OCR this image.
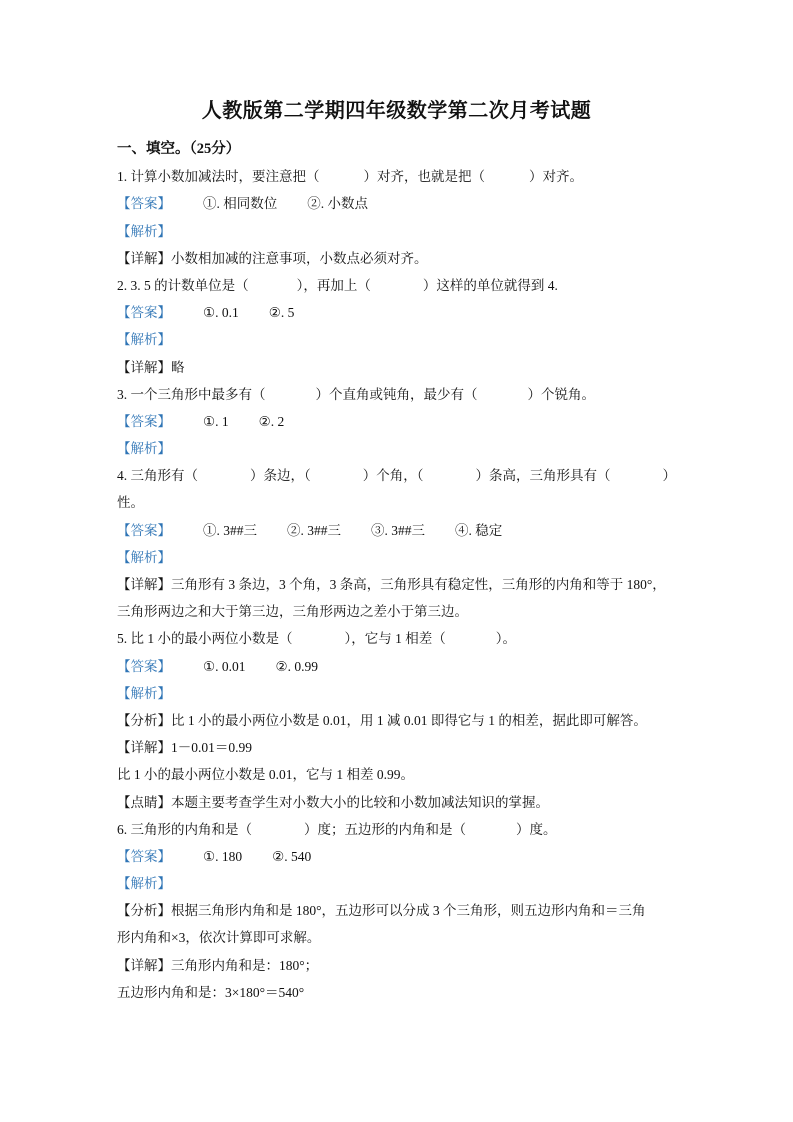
人教版第二学期四年级数学第二次月考试题
一、填空。（25分）
1. 计算小数加减法时，要注意把（	）对齐，也就是把（	）对齐。
【答案】 ①. 相同数位 ②. 小数点
【解析】
【详解】小数相加减的注意事项，小数点必须对齐。
2. 3. 5 的计数单位是（	），再加上（	）这样的单位就得到 4.
【答案】 ①. 0.1 ②. 5
【解析】
【详解】略
3. 一个三角形中最多有（	）个直角或钝角，最少有（	）个锐角。
【答案】 ①. 1 ②. 2
【解析】
4. 三角形有（	）条边，（	）个角，（	）条高，三角形具有（	）
性。
【答案】 ①. 3##三 ②. 3##三 ③. 3##三 ④. 稳定
【解析】
【详解】三角形有 3 条边，3 个角，3 条高，三角形具有稳定性，三角形的内角和等于 180°，
三角形两边之和大于第三边，三角形两边之差小于第三边。
5. 比 1 小的最小两位小数是（	），它与 1 相差（	）。
【答案】 ①. 0.01 ②. 0.99
【解析】
【分析】比 1 小的最小两位小数是 0.01，用 1 减 0.01 即得它与 1 的相差，据此即可解答。
【详解】1－0.01＝0.99
比 1 小的最小两位小数是 0.01，它与 1 相差 0.99。
【点睛】本题主要考查学生对小数大小的比较和小数加减法知识的掌握。
6. 三角形的内角和是（	）度；五边形的内角和是（	）度。
【答案】 ①. 180 ②. 540
【解析】
【分析】根据三角形内角和是 180°，五边形可以分成 3 个三角形，则五边形内角和＝三角
形内角和×3，依次计算即可求解。
【详解】三角形内角和是：180°；
五边形内角和是：3×180°＝540°
